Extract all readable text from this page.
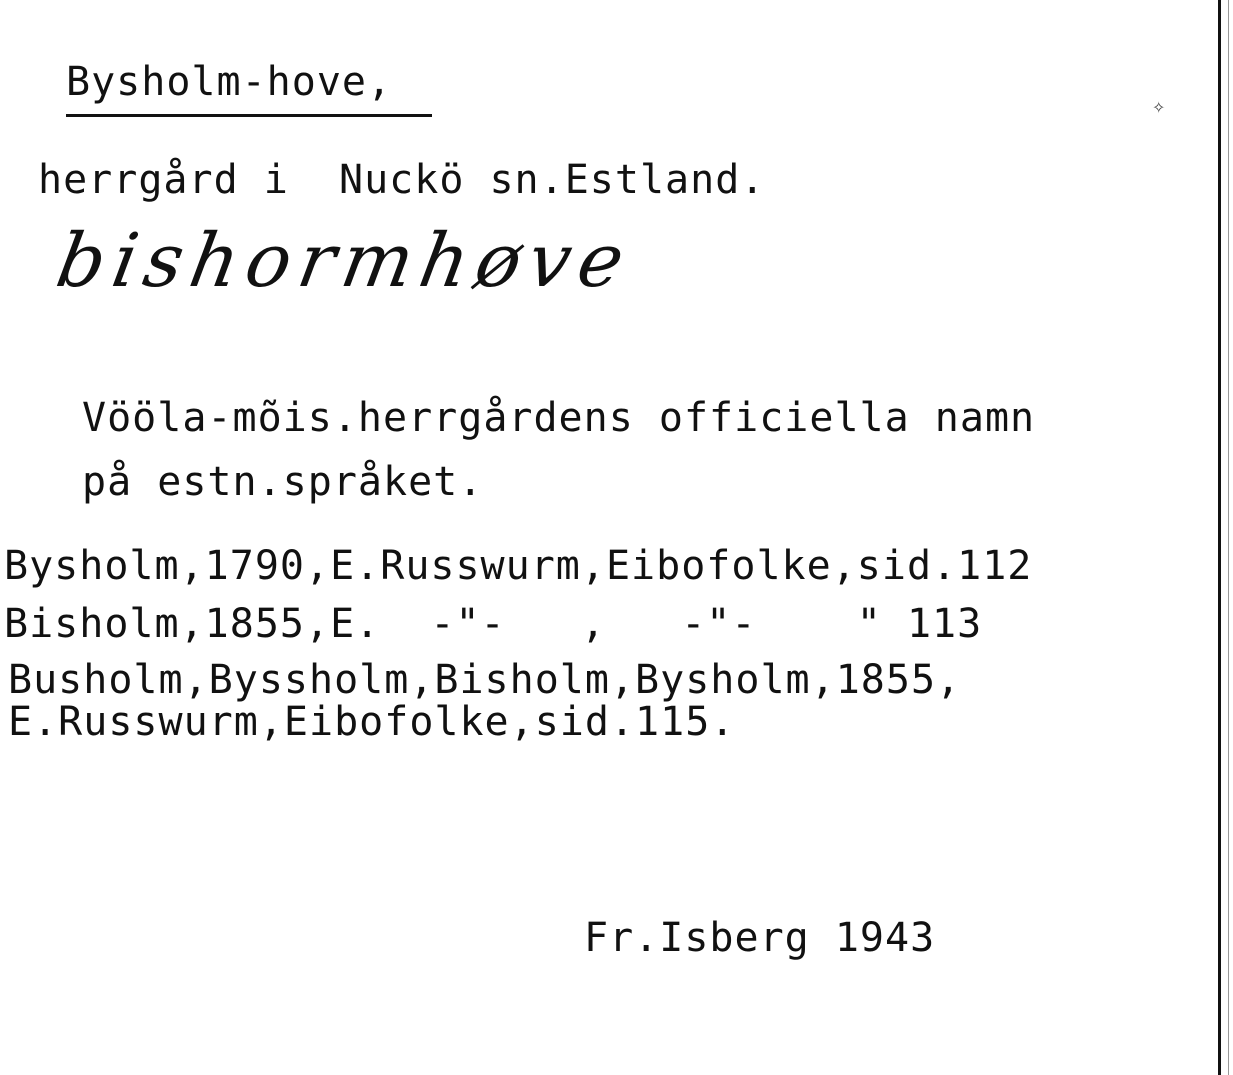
✧
Bysholm-hove,
herrgård i  Nuckö sn.Estland.
bishormhøve
Vööla-mõis.herrgårdens officiella namn
på estn.språket.
Bysholm,1790,E.Russwurm,Eibofolke,sid.112
Bisholm,1855,E.  -"-   ,   -"-    " 113
Busholm,Byssholm,Bisholm,Bysholm,1855,
E.Russwurm,Eibofolke,sid.115.
Fr.Isberg 1943
